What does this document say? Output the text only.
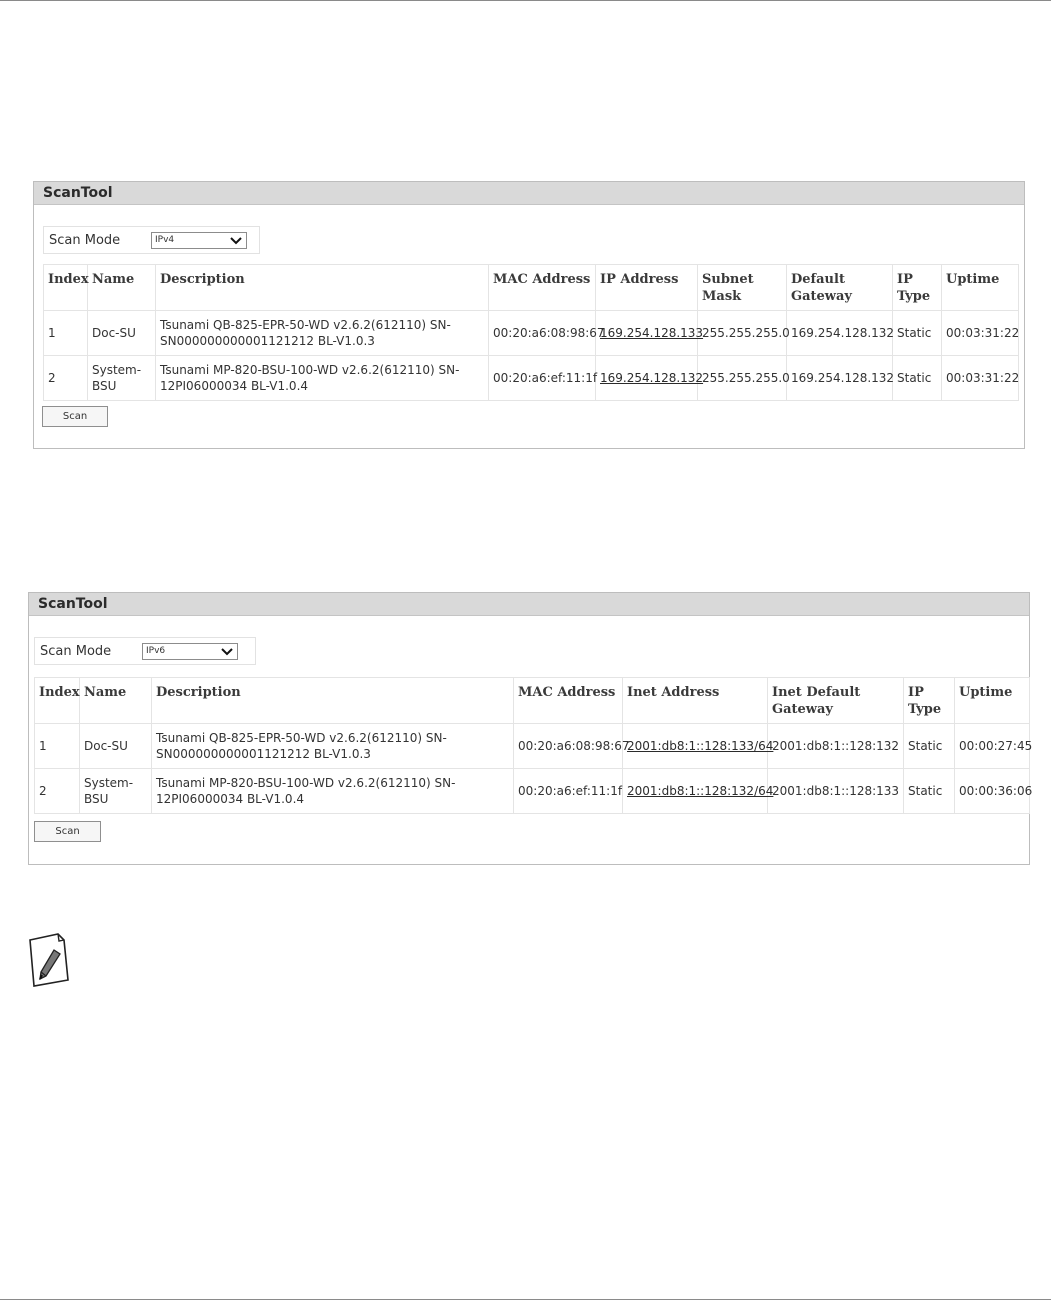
ScanTool
Scan Mode	IPv4
Index	Name	Description	MAC Address	IP Address	Subnet Mask	Default Gateway	IP Type	Uptime
1	Doc-SU	Tsunami QB-825-EPR-50-WD v2.6.2(612110) SN-SN000000000001121212 BL-V1.0.3	00:20:a6:08:98:67	169.254.128.133	255.255.255.0	169.254.128.132	Static	00:03:31:22
2	System-BSU	Tsunami MP-820-BSU-100-WD v2.6.2(612110) SN-12PI06000034 BL-V1.0.4	00:20:a6:ef:11:1f	169.254.128.132	255.255.255.0	169.254.128.132	Static	00:03:31:22
Scan
ScanTool
Scan Mode	IPv6
Index	Name	Description	MAC Address	Inet Address	Inet Default Gateway	IP Type	Uptime
1	Doc-SU	Tsunami QB-825-EPR-50-WD v2.6.2(612110) SN-SN000000000001121212 BL-V1.0.3	00:20:a6:08:98:67	2001:db8:1::128:133/64	2001:db8:1::128:132	Static	00:00:27:45
2	System-BSU	Tsunami MP-820-BSU-100-WD v2.6.2(612110) SN-12PI06000034 BL-V1.0.4	00:20:a6:ef:11:1f	2001:db8:1::128:132/64	2001:db8:1::128:133	Static	00:00:36:06
Scan
